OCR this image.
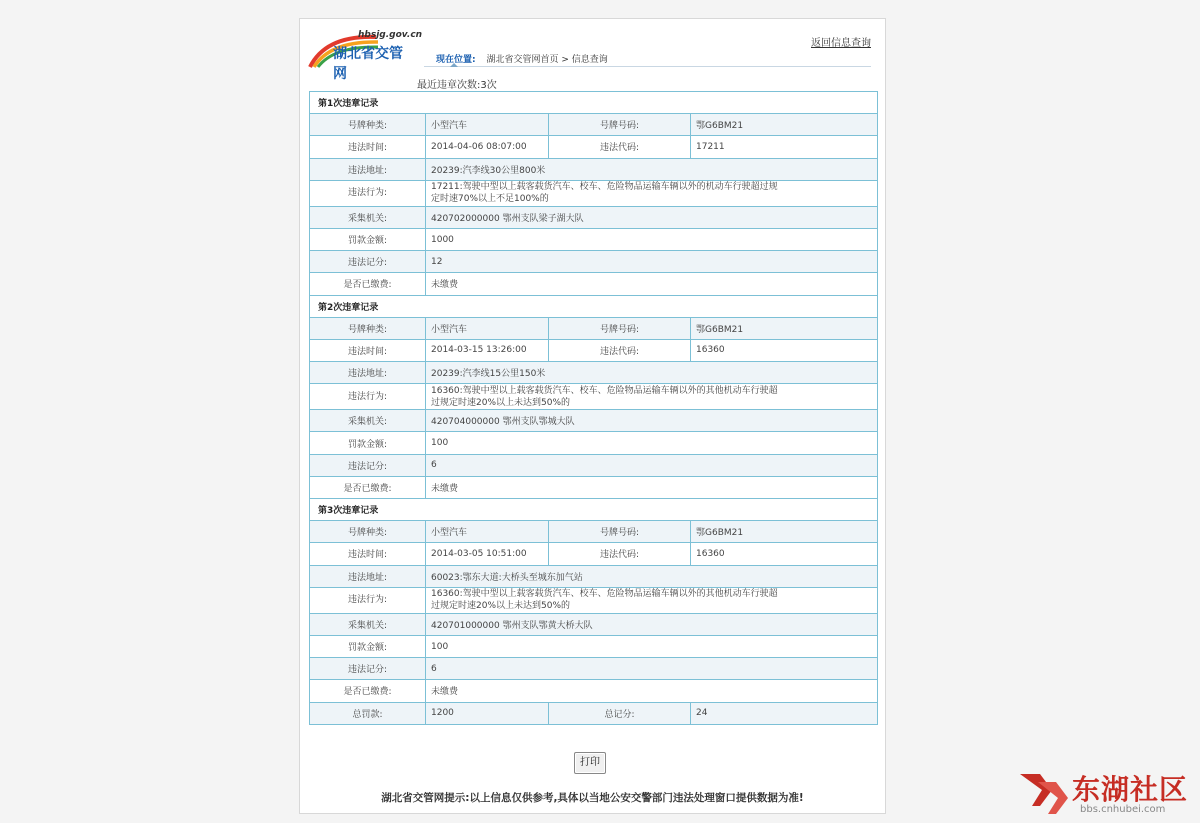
hbsjg.gov.cn
湖北省交管网
返回信息查询
现在位置: 湖北省交管网首页 > 信息查询
最近违章次数:3次
第1次违章记录			
号牌种类:	小型汽车	号牌号码:	鄂G6BM21
违法时间:	2014-04-06 08:07:00	违法代码:	17211
违法地址:	20239:汽李线30公里800米		
违法行为:	17211:驾驶中型以上载客载货汽车、校车、危险物品运输车辆以外的机动车行驶超过规
定时速70%以上不足100%的		
采集机关:	420702000000 鄂州支队梁子湖大队		
罚款金额:	1000		
违法记分:	12		
是否已缴费:	未缴费		
第2次违章记录			
号牌种类:	小型汽车	号牌号码:	鄂G6BM21
违法时间:	2014-03-15 13:26:00	违法代码:	16360
违法地址:	20239:汽李线15公里150米		
违法行为:	16360:驾驶中型以上载客载货汽车、校车、危险物品运输车辆以外的其他机动车行驶超
过规定时速20%以上未达到50%的		
采集机关:	420704000000 鄂州支队鄂城大队		
罚款金额:	100		
违法记分:	6		
是否已缴费:	未缴费		
第3次违章记录			
号牌种类:	小型汽车	号牌号码:	鄂G6BM21
违法时间:	2014-03-05 10:51:00	违法代码:	16360
违法地址:	60023:鄂东大道:大桥头至城东加气站		
违法行为:	16360:驾驶中型以上载客载货汽车、校车、危险物品运输车辆以外的其他机动车行驶超
过规定时速20%以上未达到50%的		
采集机关:	420701000000 鄂州支队鄂黄大桥大队		
罚款金额:	100		
违法记分:	6		
是否已缴费:	未缴费		
总罚款:	1200	总记分:	24
打印
湖北省交管网提示:以上信息仅供参考,具体以当地公安交警部门违法处理窗口提供数据为准!	东湖社区
bbs.cnhubei.com
